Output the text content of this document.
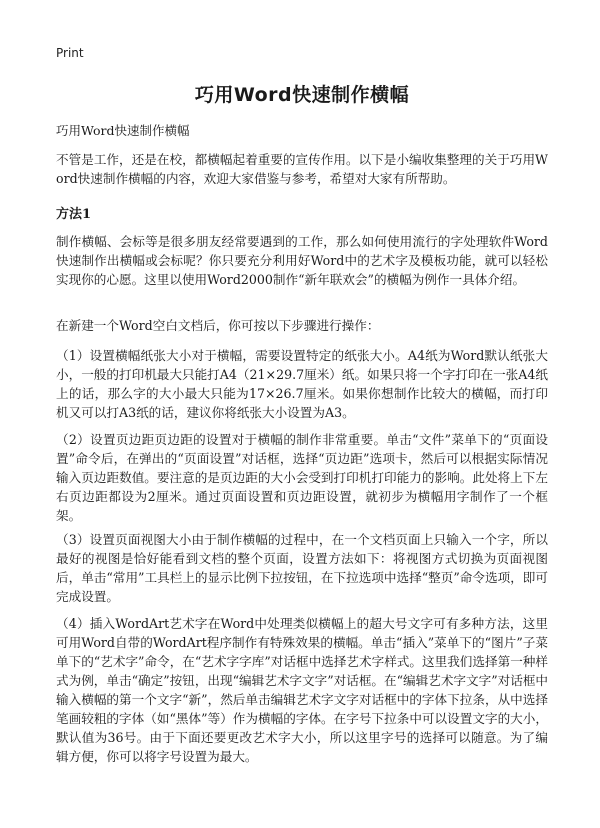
Print
巧用Word快速制作横幅
巧用Word快速制作横幅
不管是工作，还是在校，都横幅起着重要的宣传作用。以下是小编收集整理的关于巧用Word快速制作横幅的内容，欢迎大家借鉴与参考，希望对大家有所帮助。
方法1
制作横幅、会标等是很多朋友经常要遇到的工作，那么如何使用流行的字处理软件Word快速制作出横幅或会标呢？你只要充分利用好Word中的艺术字及模板功能，就可以轻松实现你的心愿。这里以使用Word2000制作“新年联欢会”的横幅为例作一具体介绍。
在新建一个Word空白文档后，你可按以下步骤进行操作：
（1）设置横幅纸张大小对于横幅，需要设置特定的纸张大小。A4纸为Word默认纸张大小，一般的打印机最大只能打A4（21×29.7厘米）纸。如果只将一个字打印在一张A4纸上的话，那么字的大小最大只能为17×26.7厘米。如果你想制作比较大的横幅，而打印机又可以打A3纸的话，建议你将纸张大小设置为A3。
（2）设置页边距页边距的设置对于横幅的制作非常重要。单击“文件”菜单下的“页面设置”命令后，在弹出的“页面设置”对话框，选择“页边距”选项卡，然后可以根据实际情况输入页边距数值。要注意的是页边距的大小会受到打印机打印能力的影响。此处将上下左右页边距都设为2厘米。通过页面设置和页边距设置，就初步为横幅用字制作了一个框架。
（3）设置页面视图大小由于制作横幅的过程中，在一个文档页面上只输入一个字，所以最好的视图是恰好能看到文档的整个页面，设置方法如下：将视图方式切换为页面视图后，单击“常用”工具栏上的显示比例下拉按钮，在下拉选项中选择“整页”命令选项，即可完成设置。
（4）插入WordArt艺术字在Word中处理类似横幅上的超大号文字可有多种方法，这里可用Word自带的WordArt程序制作有特殊效果的横幅。单击“插入”菜单下的“图片”子菜单下的“艺术字”命令，在“艺术字字库”对话框中选择艺术字样式。这里我们选择第一种样式为例，单击“确定”按钮，出现“编辑艺术字文字”对话框。在“编辑艺术字文字”对话框中输入横幅的第一个文字“新”，然后单击编辑艺术字文字对话框中的字体下拉条，从中选择笔画较粗的字体（如“黑体”等）作为横幅的字体。在字号下拉条中可以设置文字的大小，默认值为36号。由于下面还要更改艺术字大小，所以这里字号的选择可以随意。为了编辑方便，你可以将字号设置为最大。
